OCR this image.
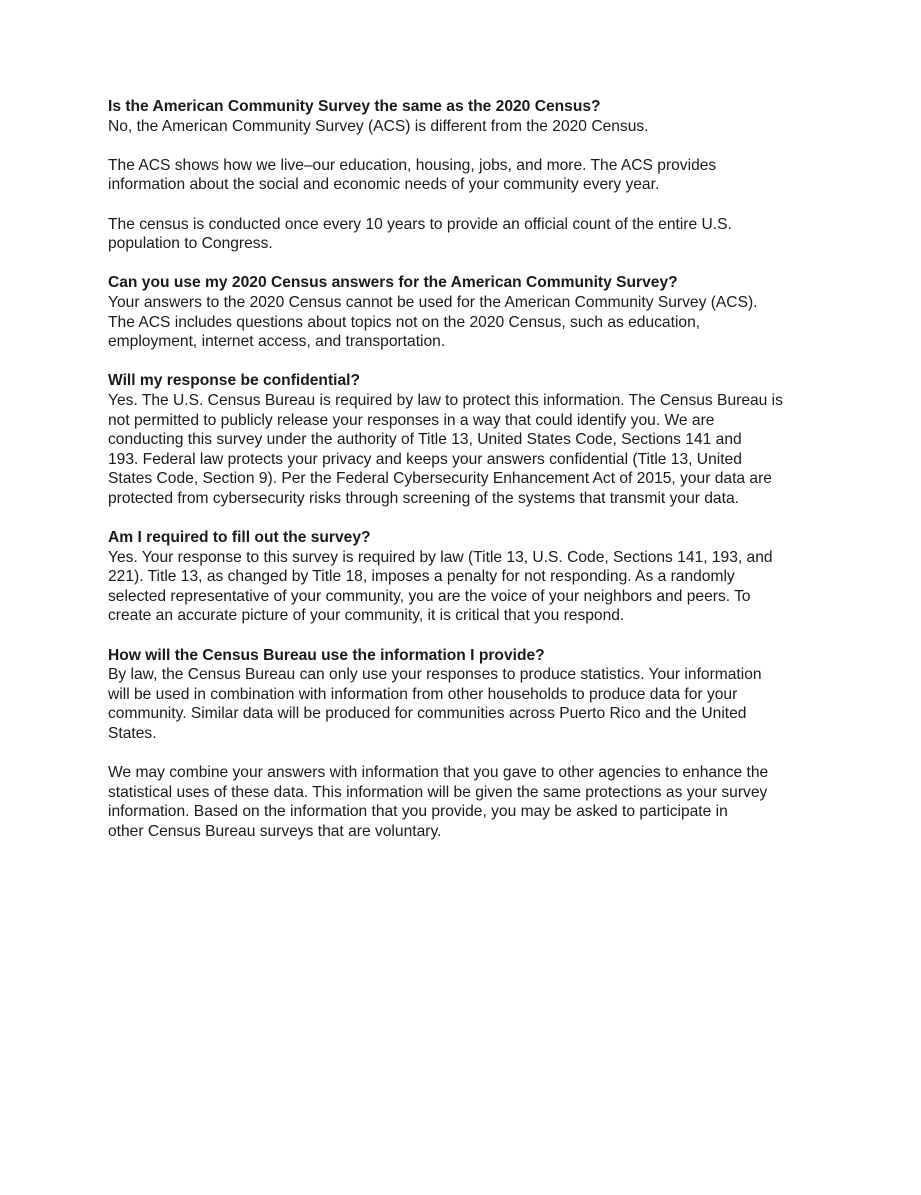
Is the American Community Survey the same as the 2020 Census?
No, the American Community Survey (ACS) is different from the 2020 Census.
The ACS shows how we live–our education, housing, jobs, and more. The ACS provides
information about the social and economic needs of your community every year.
The census is conducted once every 10 years to provide an official count of the entire U.S.
population to Congress.
Can you use my 2020 Census answers for the American Community Survey?
Your answers to the 2020 Census cannot be used for the American Community Survey (ACS).
The ACS includes questions about topics not on the 2020 Census, such as education,
employment, internet access, and transportation.
Will my response be confidential?
Yes. The U.S. Census Bureau is required by law to protect this information. The Census Bureau is
not permitted to publicly release your responses in a way that could identify you. We are
conducting this survey under the authority of Title 13, United States Code, Sections 141 and
193. Federal law protects your privacy and keeps your answers confidential (Title 13, United
States Code, Section 9). Per the Federal Cybersecurity Enhancement Act of 2015, your data are
protected from cybersecurity risks through screening of the systems that transmit your data.
Am I required to fill out the survey?
Yes. Your response to this survey is required by law (Title 13, U.S. Code, Sections 141, 193, and
221). Title 13, as changed by Title 18, imposes a penalty for not responding. As a randomly
selected representative of your community, you are the voice of your neighbors and peers. To
create an accurate picture of your community, it is critical that you respond.
How will the Census Bureau use the information I provide?
By law, the Census Bureau can only use your responses to produce statistics. Your information
will be used in combination with information from other households to produce data for your
community. Similar data will be produced for communities across Puerto Rico and the United
States.
We may combine your answers with information that you gave to other agencies to enhance the
statistical uses of these data. This information will be given the same protections as your survey
information. Based on the information that you provide, you may be asked to participate in
other Census Bureau surveys that are voluntary.
